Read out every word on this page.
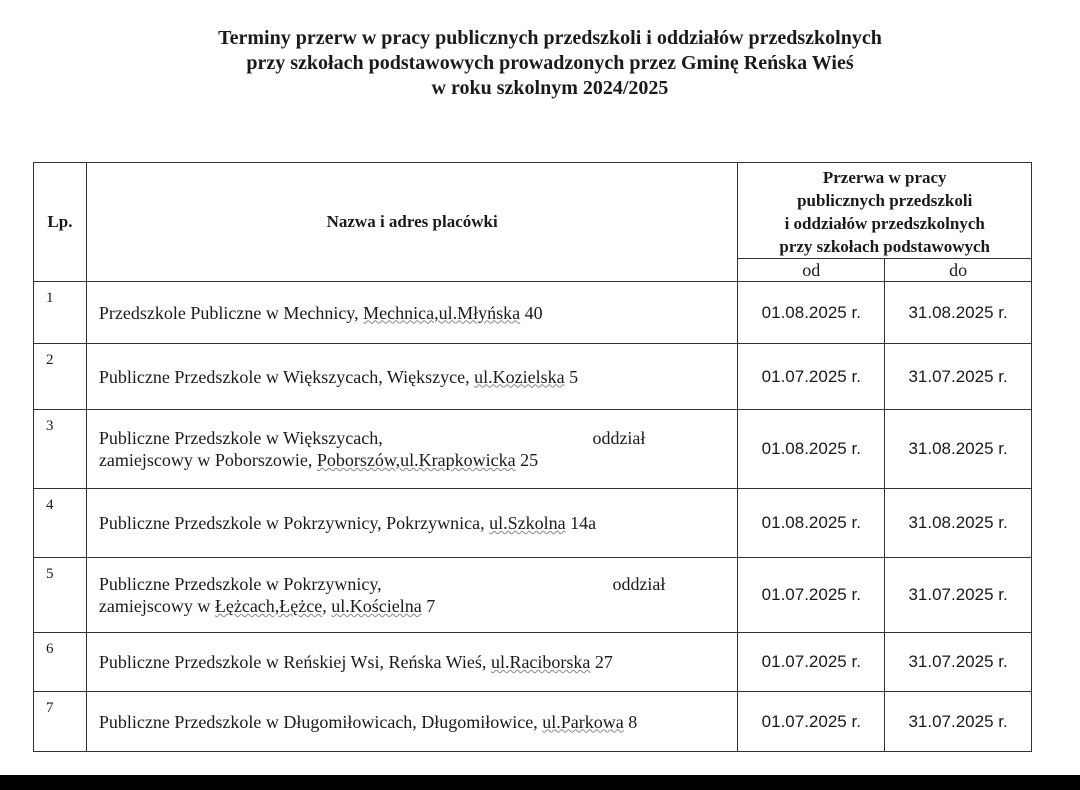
Terminy przerw w pracy publicznych przedszkoli i oddziałów przedszkolnych
przy szkołach podstawowych prowadzonych przez Gminę Reńska Wieś
w roku szkolnym 2024/2025
Lp.	Nazwa i adres placówki	Przerwa w pracy
publicznych przedszkoli
i oddziałów przedszkolnych
przy szkołach podstawowych	

		od	do
1	Przedszkole Publiczne w Mechnicy, Mechnica,ul.Młyńska 40	01.08.2025 r.	31.08.2025 r.
2	Publiczne Przedszkole w Większycach, Większyce, ul.Kozielska 5	01.07.2025 r.	31.07.2025 r.
3	Publiczne Przedszkole w Większycach, oddział
zamiejscowy w Poborszowie, Poborszów,ul.Krapkowicka 25	01.08.2025 r.	31.08.2025 r.
4	Publiczne Przedszkole w Pokrzywnicy, Pokrzywnica, ul.Szkolna 14a	01.08.2025 r.	31.08.2025 r.
5	Publiczne Przedszkole w Pokrzywnicy, oddział
zamiejscowy w Łężcach,Łężce, ul.Kościelna 7	01.07.2025 r.	31.07.2025 r.
6	Publiczne Przedszkole w Reńskiej Wsi, Reńska Wieś, ul.Raciborska 27	01.07.2025 r.	31.07.2025 r.
7	Publiczne Przedszkole w Długomiłowicach, Długomiłowice, ul.Parkowa 8	01.07.2025 r.	31.07.2025 r.
